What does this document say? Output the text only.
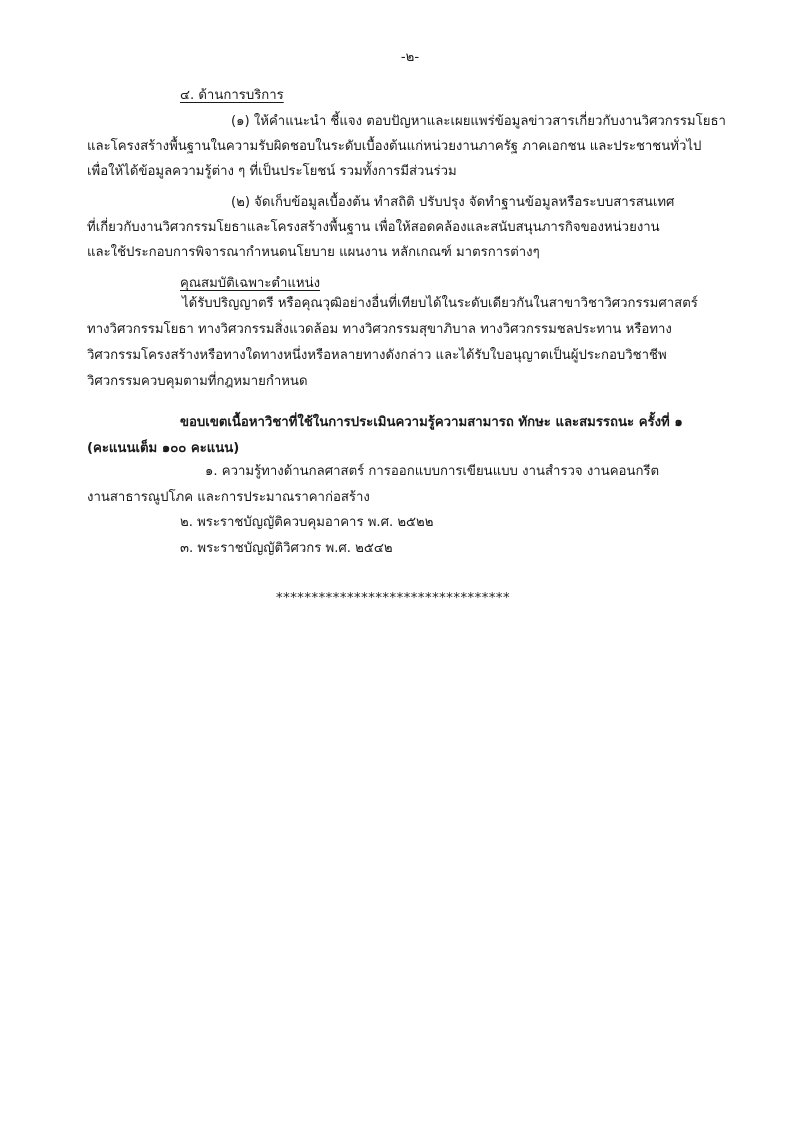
-๒-
๔. ด้านการบริการ
(๑) ให้คำแนะนำ ชี้แจง ตอบปัญหาและเผยแพร่ข้อมูลข่าวสารเกี่ยวกับงานวิศวกรรมโยธา
และโครงสร้างพื้นฐานในความรับผิดชอบในระดับเบื้องต้นแก่หน่วยงานภาครัฐ ภาคเอกชน และประชาชนทั่วไป
เพื่อให้ได้ข้อมูลความรู้ต่าง ๆ ที่เป็นประโยชน์ รวมทั้งการมีส่วนร่วม
(๒) จัดเก็บข้อมูลเบื้องต้น ทำสถิติ ปรับปรุง จัดทำฐานข้อมูลหรือระบบสารสนเทศ
ที่เกี่ยวกับงานวิศวกรรมโยธาและโครงสร้างพื้นฐาน เพื่อให้สอดคล้องและสนับสนุนภารกิจของหน่วยงาน
และใช้ประกอบการพิจารณากำหนดนโยบาย แผนงาน หลักเกณฑ์ มาตรการต่างๆ
คุณสมบัติเฉพาะตำแหน่ง
ได้รับปริญญาตรี หรือคุณวุฒิอย่างอื่นที่เทียบได้ในระดับเดียวกันในสาขาวิชาวิศวกรรมศาสตร์
ทางวิศวกรรมโยธา ทางวิศวกรรมสิ่งแวดล้อม ทางวิศวกรรมสุขาภิบาล ทางวิศวกรรมชลประทาน หรือทาง
วิศวกรรมโครงสร้างหรือทางใดทางหนึ่งหรือหลายทางดังกล่าว และได้รับใบอนุญาตเป็นผู้ประกอบวิชาชีพ
วิศวกรรมควบคุมตามที่กฎหมายกำหนด
ขอบเขตเนื้อหาวิชาที่ใช้ในการประเมินความรู้ความสามารถ ทักษะ และสมรรถนะ ครั้งที่ ๑
(คะแนนเต็ม ๑๐๐ คะแนน)
๑. ความรู้ทางด้านกลศาสตร์ การออกแบบการเขียนแบบ งานสำรวจ งานคอนกรีต
งานสาธารณูปโภค และการประมาณราคาก่อสร้าง
๒. พระราชบัญญัติควบคุมอาคาร พ.ศ. ๒๕๒๒
๓. พระราชบัญญัติวิศวกร พ.ศ. ๒๕๔๒
*********************************
